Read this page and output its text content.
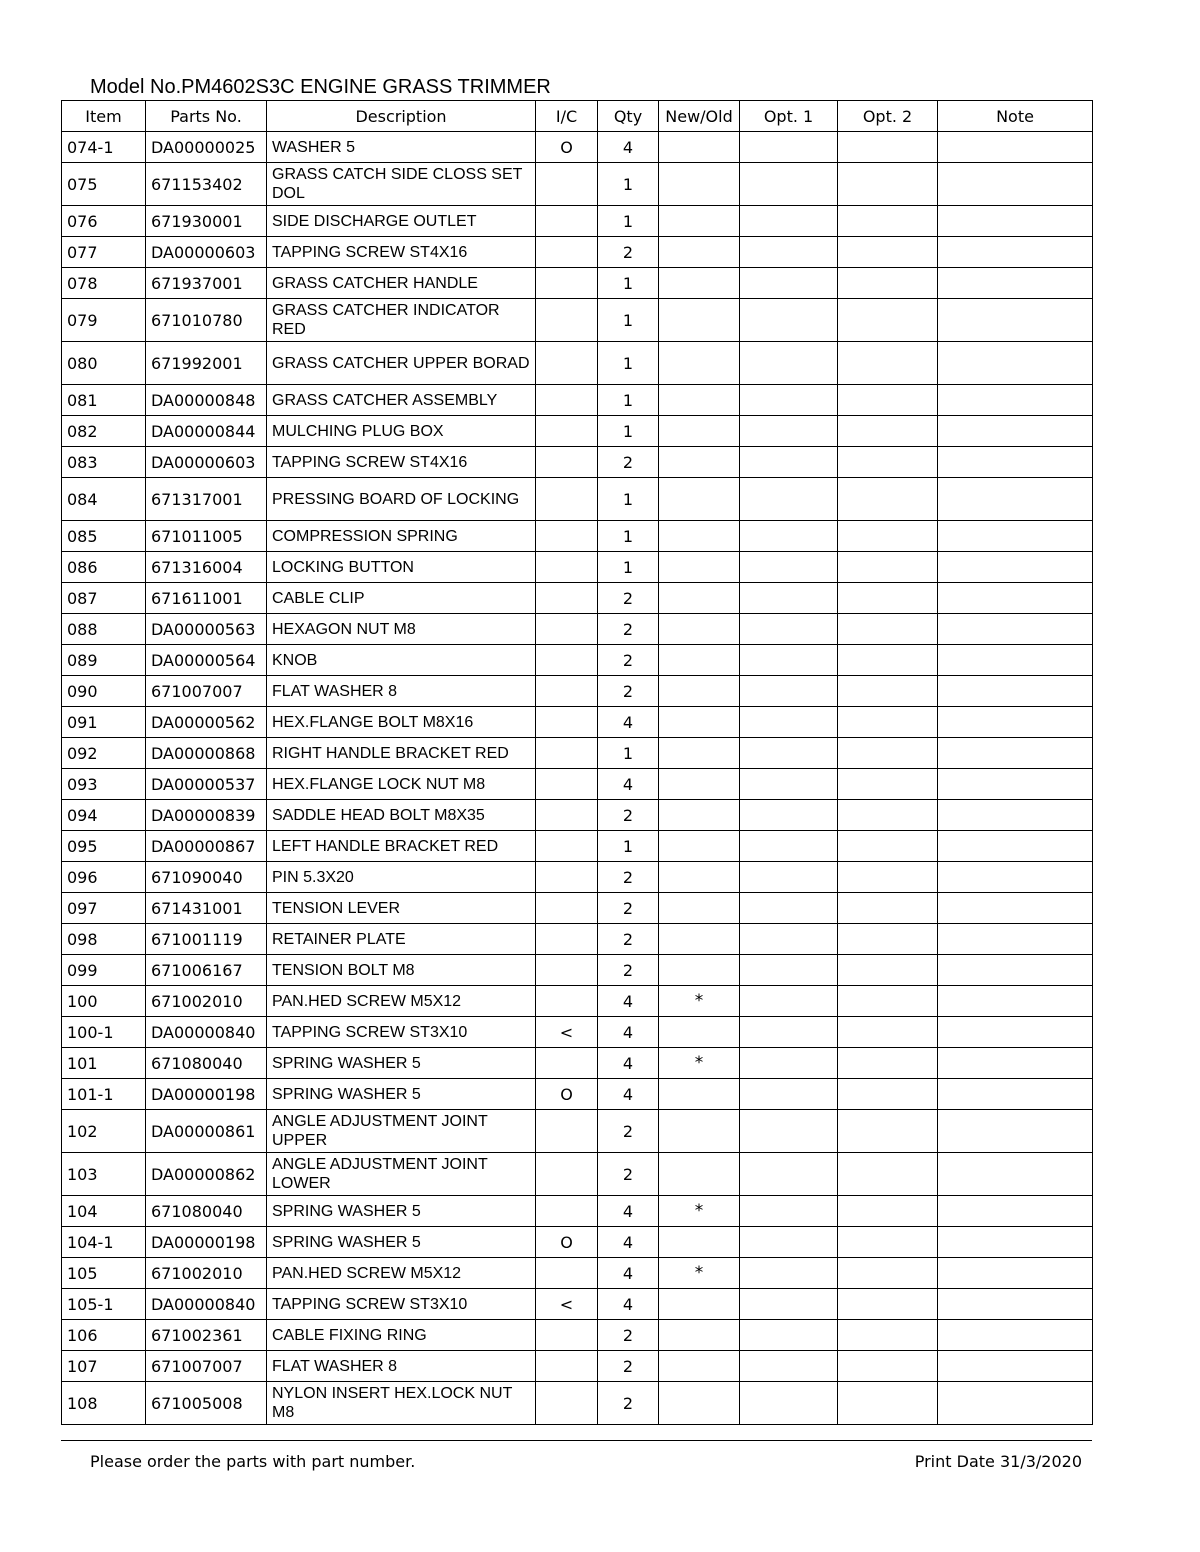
Model No.PM4602S3C ENGINE GRASS TRIMMER
Item	Parts No.	Description	I/C	Qty	New/Old	Opt. 1	Opt. 2	Note
074-1	DA00000025	WASHER 5	O	4				
075	671153402	GRASS CATCH SIDE CLOSS SET DOL		1				
076	671930001	SIDE DISCHARGE OUTLET		1				
077	DA00000603	TAPPING SCREW ST4X16		2				
078	671937001	GRASS CATCHER HANDLE		1				
079	671010780	GRASS CATCHER INDICATOR RED		1				
080	671992001	GRASS CATCHER UPPER BORAD		1				
081	DA00000848	GRASS CATCHER ASSEMBLY		1				
082	DA00000844	MULCHING PLUG BOX		1				
083	DA00000603	TAPPING SCREW ST4X16		2				
084	671317001	PRESSING BOARD OF LOCKING		1				
085	671011005	COMPRESSION SPRING		1				
086	671316004	LOCKING BUTTON		1				
087	671611001	CABLE CLIP		2				
088	DA00000563	HEXAGON NUT M8		2				
089	DA00000564	KNOB		2				
090	671007007	FLAT WASHER 8		2				
091	DA00000562	HEX.FLANGE BOLT M8X16		4				
092	DA00000868	RIGHT HANDLE BRACKET RED		1				
093	DA00000537	HEX.FLANGE LOCK NUT M8		4				
094	DA00000839	SADDLE HEAD BOLT M8X35		2				
095	DA00000867	LEFT HANDLE BRACKET RED		1				
096	671090040	PIN 5.3X20		2				
097	671431001	TENSION LEVER		2				
098	671001119	RETAINER PLATE		2				
099	671006167	TENSION BOLT M8		2				
100	671002010	PAN.HED SCREW M5X12		4	*			
100-1	DA00000840	TAPPING SCREW ST3X10	<	4				
101	671080040	SPRING WASHER 5		4	*			
101-1	DA00000198	SPRING WASHER 5	O	4				
102	DA00000861	ANGLE ADJUSTMENT JOINT UPPER		2				
103	DA00000862	ANGLE ADJUSTMENT JOINT LOWER		2				
104	671080040	SPRING WASHER 5		4	*			
104-1	DA00000198	SPRING WASHER 5	O	4				
105	671002010	PAN.HED SCREW M5X12		4	*			
105-1	DA00000840	TAPPING SCREW ST3X10	<	4				
106	671002361	CABLE FIXING RING		2				
107	671007007	FLAT WASHER 8		2				
108	671005008	NYLON INSERT HEX.LOCK NUT M8		2				
Please order the parts with part number.	Print Date 31/3/2020
